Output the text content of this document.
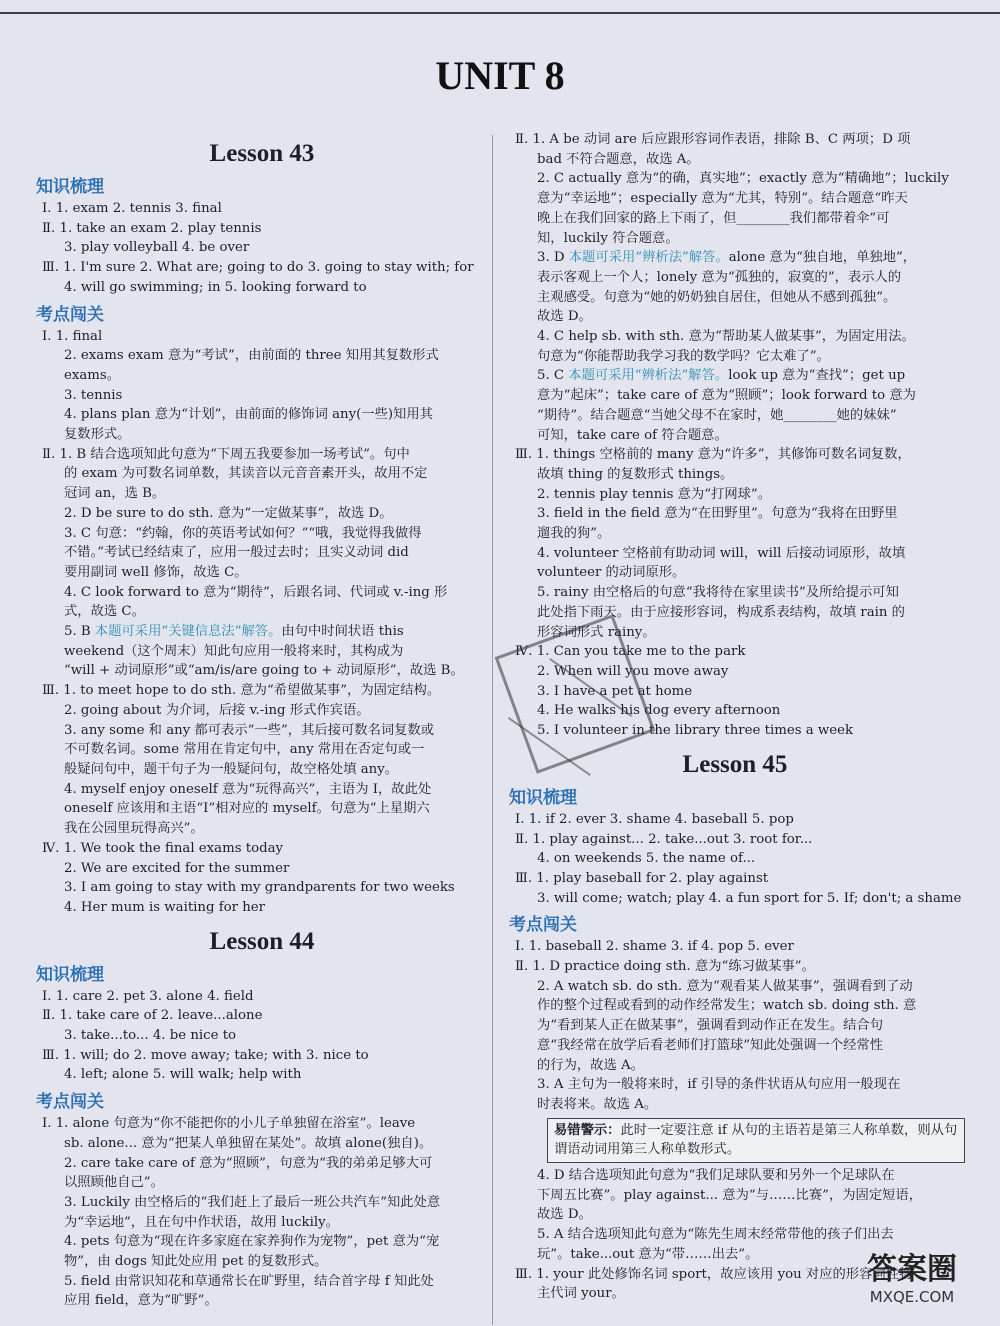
UNIT 8
Lesson 43
知识梳理
Ⅰ. 1. exam 2. tennis 3. final
Ⅱ. 1. take an exam 2. play tennis
3. play volleyball 4. be over
Ⅲ. 1. I'm sure 2. What are; going to do 3. going to stay with; for
4. will go swimming; in 5. looking forward to
考点闯关
Ⅰ. 1. final
2. exams exam 意为“考试”，由前面的 three 知用其复数形式
exams。
3. tennis
4. plans plan 意为“计划”，由前面的修饰词 any(一些)知用其
复数形式。
Ⅱ. 1. B 结合选项知此句意为“下周五我要参加一场考试”。句中
的 exam 为可数名词单数，其读音以元音音素开头，故用不定
冠词 an，选 B。
2. D be sure to do sth. 意为“一定做某事”，故选 D。
3. C 句意：“约翰，你的英语考试如何？”“哦，我觉得我做得
不错。”考试已经结束了，应用一般过去时；且实义动词 did
要用副词 well 修饰，故选 C。
4. C look forward to 意为“期待”，后跟名词、代词或 v.-ing 形
式，故选 C。
5. B 本题可采用“关键信息法”解答。由句中时间状语 this
weekend（这个周末）知此句应用一般将来时，其构成为
“will + 动词原形”或“am/is/are going to + 动词原形”，故选 B。
Ⅲ. 1. to meet hope to do sth. 意为“希望做某事”，为固定结构。
2. going about 为介词，后接 v.-ing 形式作宾语。
3. any some 和 any 都可表示“一些”，其后接可数名词复数或
不可数名词。some 常用在肯定句中，any 常用在否定句或一
般疑问句中，题干句子为一般疑问句，故空格处填 any。
4. myself enjoy oneself 意为“玩得高兴”，主语为 I，故此处
oneself 应该用和主语“I”相对应的 myself。句意为“上星期六
我在公园里玩得高兴”。
Ⅳ. 1. We took the final exams today
2. We are excited for the summer
3. I am going to stay with my grandparents for two weeks
4. Her mum is waiting for her
Lesson 44
知识梳理
Ⅰ. 1. care 2. pet 3. alone 4. field
Ⅱ. 1. take care of 2. leave...alone
3. take...to... 4. be nice to
Ⅲ. 1. will; do 2. move away; take; with 3. nice to
4. left; alone 5. will walk; help with
考点闯关
Ⅰ. 1. alone 句意为“你不能把你的小儿子单独留在浴室”。leave
sb. alone... 意为“把某人单独留在某处”。故填 alone(独自)。
2. care take care of 意为“照顾”，句意为“我的弟弟足够大可
以照顾他自己”。
3. Luckily 由空格后的“我们赶上了最后一班公共汽车”知此处意
为“幸运地”，且在句中作状语，故用 luckily。
4. pets 句意为“现在许多家庭在家养狗作为宠物”，pet 意为“宠
物”，由 dogs 知此处应用 pet 的复数形式。
5. field 由常识知花和草通常长在旷野里，结合首字母 f 知此处
应用 field，意为“旷野”。
Ⅱ. 1. A be 动词 are 后应跟形容词作表语，排除 B、C 两项；D 项
bad 不符合题意，故选 A。
2. C actually 意为“的确，真实地”；exactly 意为“精确地”；luckily
意为“幸运地”；especially 意为“尤其，特别”。结合题意“昨天
晚上在我们回家的路上下雨了，但________我们都带着伞”可
知，luckily 符合题意。
3. D 本题可采用“辨析法”解答。alone 意为“独自地，单独地”，
表示客观上一个人；lonely 意为“孤独的，寂寞的”，表示人的
主观感受。句意为“她的奶奶独自居住，但她从不感到孤独”。
故选 D。
4. C help sb. with sth. 意为“帮助某人做某事”，为固定用法。
句意为“你能帮助我学习我的数学吗？它太难了”。
5. C 本题可采用“辨析法”解答。look up 意为“查找”；get up
意为“起床”；take care of 意为“照顾”；look forward to 意为
“期待”。结合题意“当她父母不在家时，她________她的妹妹”
可知，take care of 符合题意。
Ⅲ. 1. things 空格前的 many 意为“许多”，其修饰可数名词复数，
故填 thing 的复数形式 things。
2. tennis play tennis 意为“打网球”。
3. field in the field 意为“在田野里”。句意为“我将在田野里
遛我的狗”。
4. volunteer 空格前有助动词 will，will 后接动词原形，故填
volunteer 的动词原形。
5. rainy 由空格后的句意“我将待在家里读书”及所给提示可知
此处指下雨天。由于应接形容词，构成系表结构，故填 rain 的
形容词形式 rainy。
Ⅳ. 1. Can you take me to the park
2. When will you move away
3. I have a pet at home
4. He walks his dog every afternoon
5. I volunteer in the library three times a week
Lesson 45
知识梳理
Ⅰ. 1. if 2. ever 3. shame 4. baseball 5. pop
Ⅱ. 1. play against... 2. take...out 3. root for...
4. on weekends 5. the name of...
Ⅲ. 1. play baseball for 2. play against
3. will come; watch; play 4. a fun sport for 5. If; don't; a shame
考点闯关
Ⅰ. 1. baseball 2. shame 3. if 4. pop 5. ever
Ⅱ. 1. D practice doing sth. 意为“练习做某事”。
2. A watch sb. do sth. 意为“观看某人做某事”，强调看到了动
作的整个过程或看到的动作经常发生；watch sb. doing sth. 意
为“看到某人正在做某事”，强调看到动作正在发生。结合句
意“我经常在放学后看老师们打篮球”知此处强调一个经常性
的行为，故选 A。
3. A 主句为一般将来时，if 引导的条件状语从句应用一般现在
时表将来。故选 A。
易错警示：此时一定要注意 if 从句的主语若是第三人称单数，则从句谓语动词用第三人称单数形式。
4. D 结合选项知此句意为“我们足球队要和另外一个足球队在
下周五比赛”。play against... 意为“与……比赛”，为固定短语，
故选 D。
5. A 结合选项知此句意为“陈先生周末经常带他的孩子们出去
玩”。take...out 意为“带……出去”。
Ⅲ. 1. your 此处修饰名词 sport，故应该用 you 对应的形容词性物
主代词 your。
答案圈
MXQE.COM
